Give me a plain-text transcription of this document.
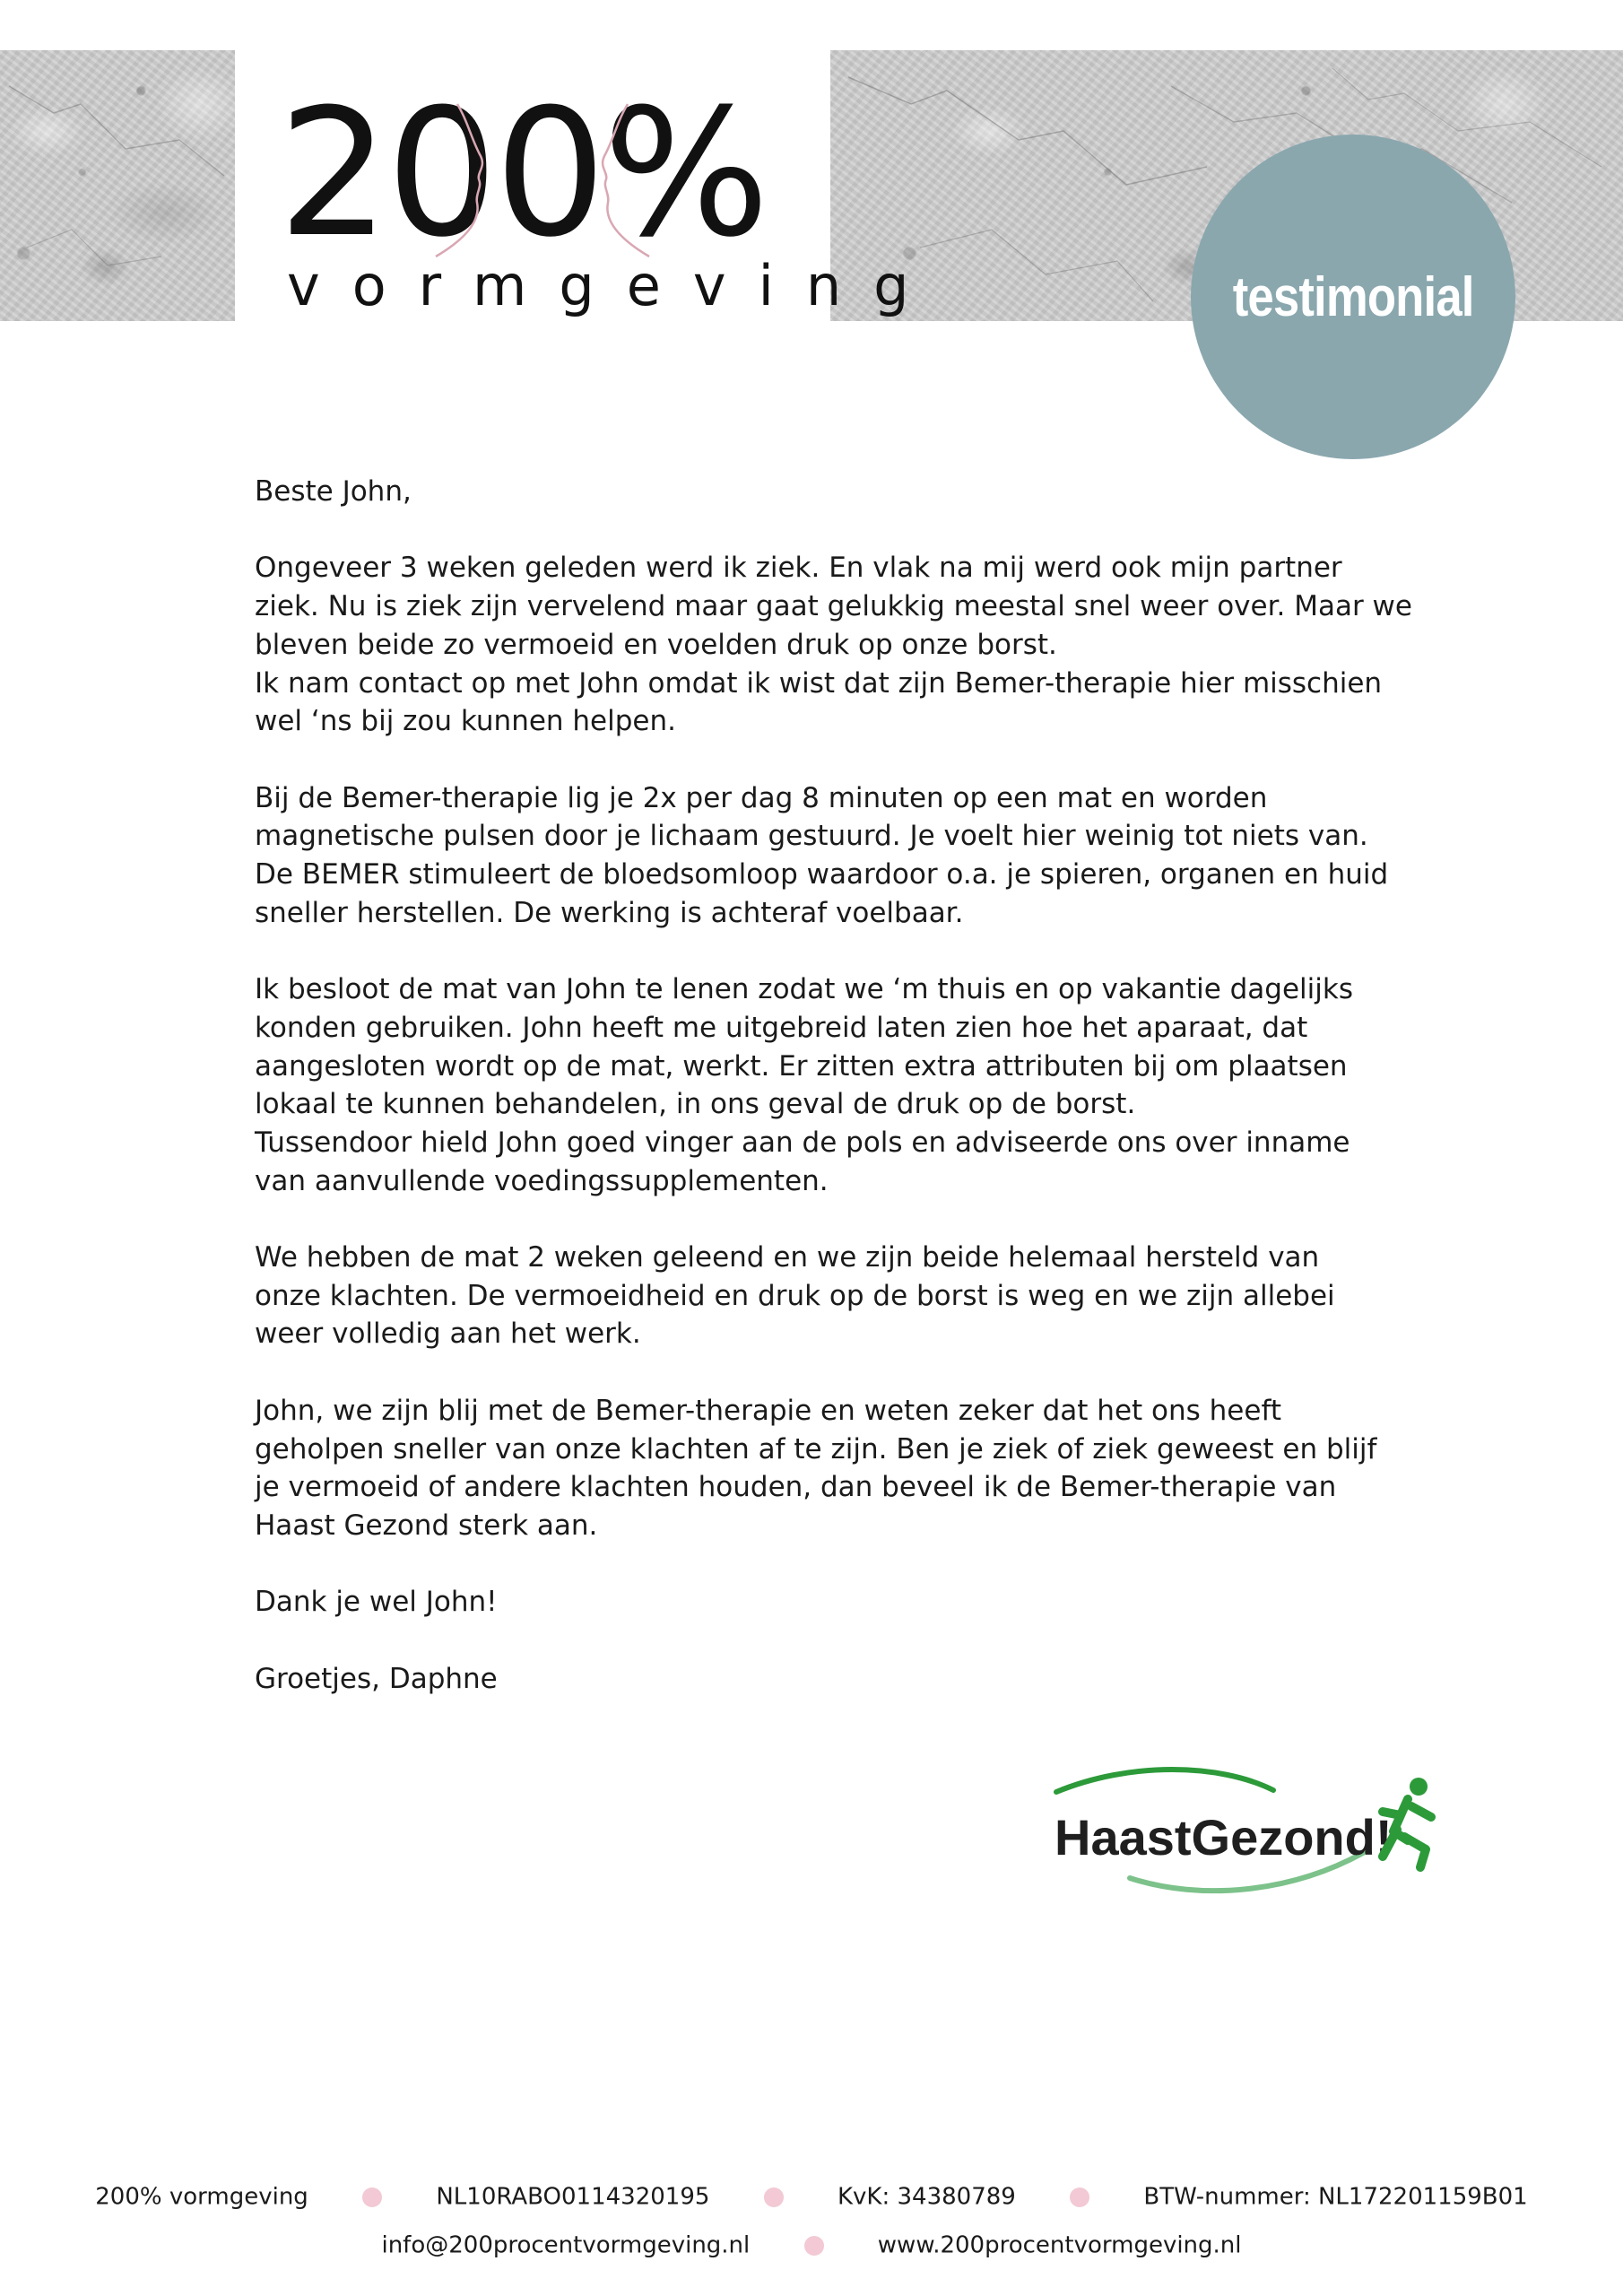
200%
vormgeving	testimonial

Beste John,

Ongeveer 3 weken geleden werd ik ziek. En vlak na mij werd ook mijn partner
ziek. Nu is ziek zijn vervelend maar gaat gelukkig meestal snel weer over. Maar we
bleven beide zo vermoeid en voelden druk op onze borst.
Ik nam contact op met John omdat ik wist dat zijn Bemer-therapie hier misschien
wel ‘ns bij zou kunnen helpen.

Bij de Bemer-therapie lig je 2x per dag 8 minuten op een mat en worden
magnetische pulsen door je lichaam gestuurd. Je voelt hier weinig tot niets van.
De BEMER stimuleert de bloedsomloop waardoor o.a. je spieren, organen en huid
sneller herstellen. De werking is achteraf voelbaar.

Ik besloot de mat van John te lenen zodat we ‘m thuis en op vakantie dagelijks
konden gebruiken. John heeft me uitgebreid laten zien hoe het aparaat, dat
aangesloten wordt op de mat, werkt. Er zitten extra attributen bij om plaatsen
lokaal te kunnen behandelen, in ons geval de druk op de borst.
Tussendoor hield John goed vinger aan de pols en adviseerde ons over inname
van aanvullende voedingssupplementen.

We hebben de mat 2 weken geleend en we zijn beide helemaal hersteld van
onze klachten. De vermoeidheid en druk op de borst is weg en we zijn allebei
weer volledig aan het werk.

John, we zijn blij met de Bemer-therapie en weten zeker dat het ons heeft
geholpen sneller van onze klachten af te zijn. Ben je ziek of ziek geweest en blijf
je vermoeid of andere klachten houden, dan beveel ik de Bemer-therapie van
Haast Gezond sterk aan.

Dank je wel John!

Groetjes, Daphne

HaastGezond!
200% vormgeving	NL10RABO0114320195	KvK: 34380789	BTW-nummer: NL172201159B01
info@200procentvormgeving.nl	www.200procentvormgeving.nl
